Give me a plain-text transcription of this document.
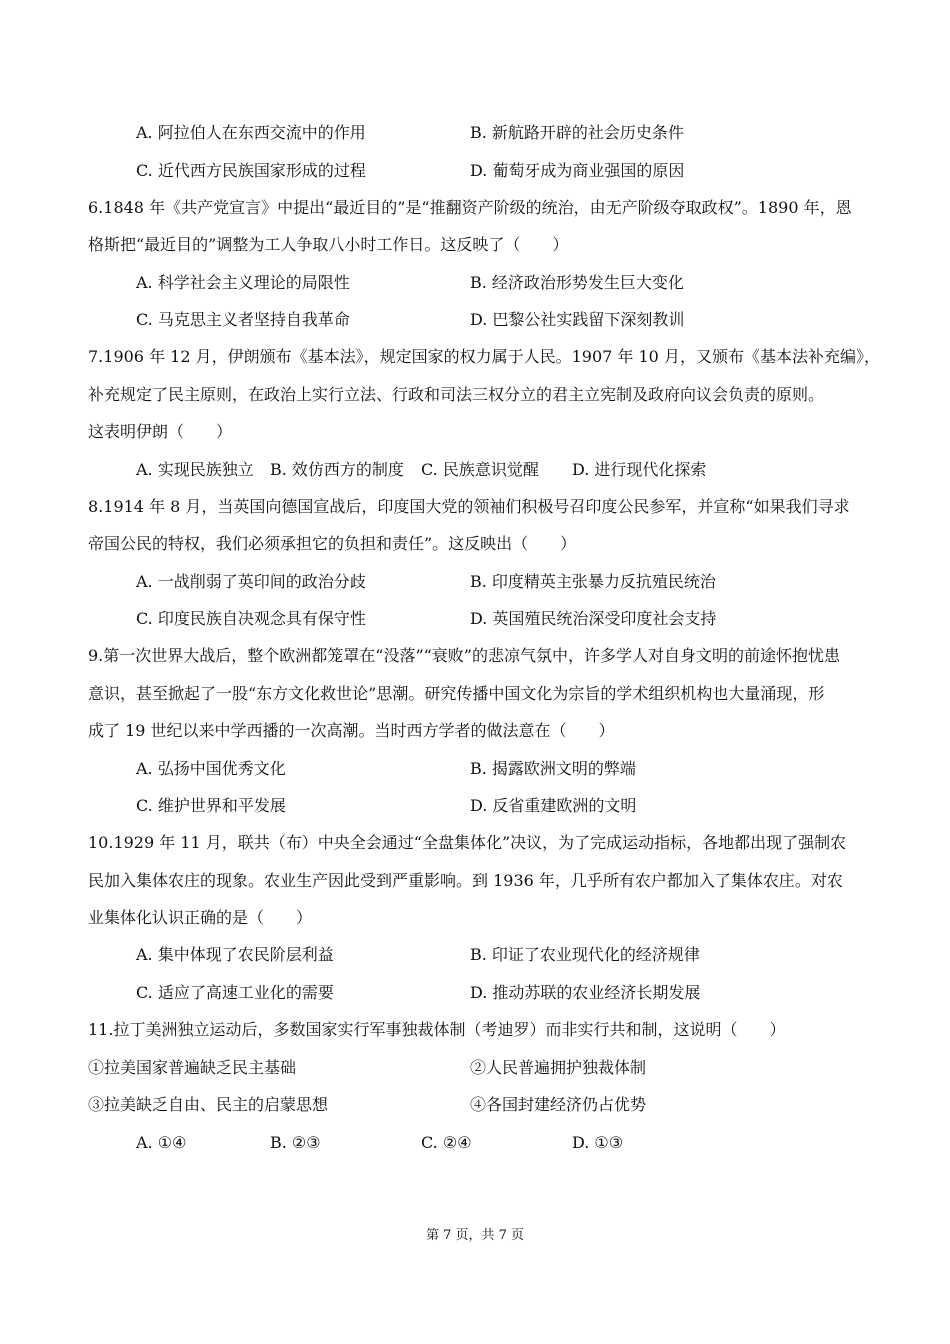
A. 阿拉伯人在东西交流中的作用	B. 新航路开辟的社会历史条件
C. 近代西方民族国家形成的过程	D. 葡萄牙成为商业强国的原因
6.1848 年《共产党宣言》中提出“最近目的”是“推翻资产阶级的统治，由无产阶级夺取政权”。1890 年，恩
格斯把“最近目的”调整为工人争取八小时工作日。这反映了（　　）
A. 科学社会主义理论的局限性	B. 经济政治形势发生巨大变化
C. 马克思主义者坚持自我革命	D. 巴黎公社实践留下深刻教训
7.1906 年 12 月，伊朗颁布《基本法》，规定国家的权力属于人民。1907 年 10 月，又颁布《基本法补充编》，
补充规定了民主原则，在政治上实行立法、行政和司法三权分立的君主立宪制及政府向议会负责的原则。
这表明伊朗（　　）
A. 实现民族独立 B. 效仿西方的制度 C. 民族意识觉醒 D. 进行现代化探索
8.1914 年 8 月，当英国向德国宣战后，印度国大党的领袖们积极号召印度公民参军，并宣称“如果我们寻求
帝国公民的特权，我们必须承担它的负担和责任”。这反映出（　　）
A. 一战削弱了英印间的政治分歧	B. 印度精英主张暴力反抗殖民统治
C. 印度民族自决观念具有保守性	D. 英国殖民统治深受印度社会支持
9.第一次世界大战后，整个欧洲都笼罩在“没落”“衰败”的悲凉气氛中，许多学人对自身文明的前途怀抱忧患
意识，甚至掀起了一股“东方文化救世论”思潮。研究传播中国文化为宗旨的学术组织机构也大量涌现，形
成了 19 世纪以来中学西播的一次高潮。当时西方学者的做法意在（　　）
A. 弘扬中国优秀文化	B. 揭露欧洲文明的弊端
C. 维护世界和平发展	D. 反省重建欧洲的文明
10.1929 年 11 月，联共（布）中央全会通过“全盘集体化”决议，为了完成运动指标，各地都出现了强制农
民加入集体农庄的现象。农业生产因此受到严重影响。到 1936 年，几乎所有农户都加入了集体农庄。对农
业集体化认识正确的是（　　）
A. 集中体现了农民阶层利益	B. 印证了农业现代化的经济规律
C. 适应了高速工业化的需要	D. 推动苏联的农业经济长期发展
11.拉丁美洲独立运动后，多数国家实行军事独裁体制（考迪罗）而非实行共和制，这说明（　　）
①拉美国家普遍缺乏民主基础	②人民普遍拥护独裁体制
③拉美缺乏自由、民主的启蒙思想	④各国封建经济仍占优势
A. ①④	B. ②③	C. ②④	D. ①③
第 7 页，共 7 页
